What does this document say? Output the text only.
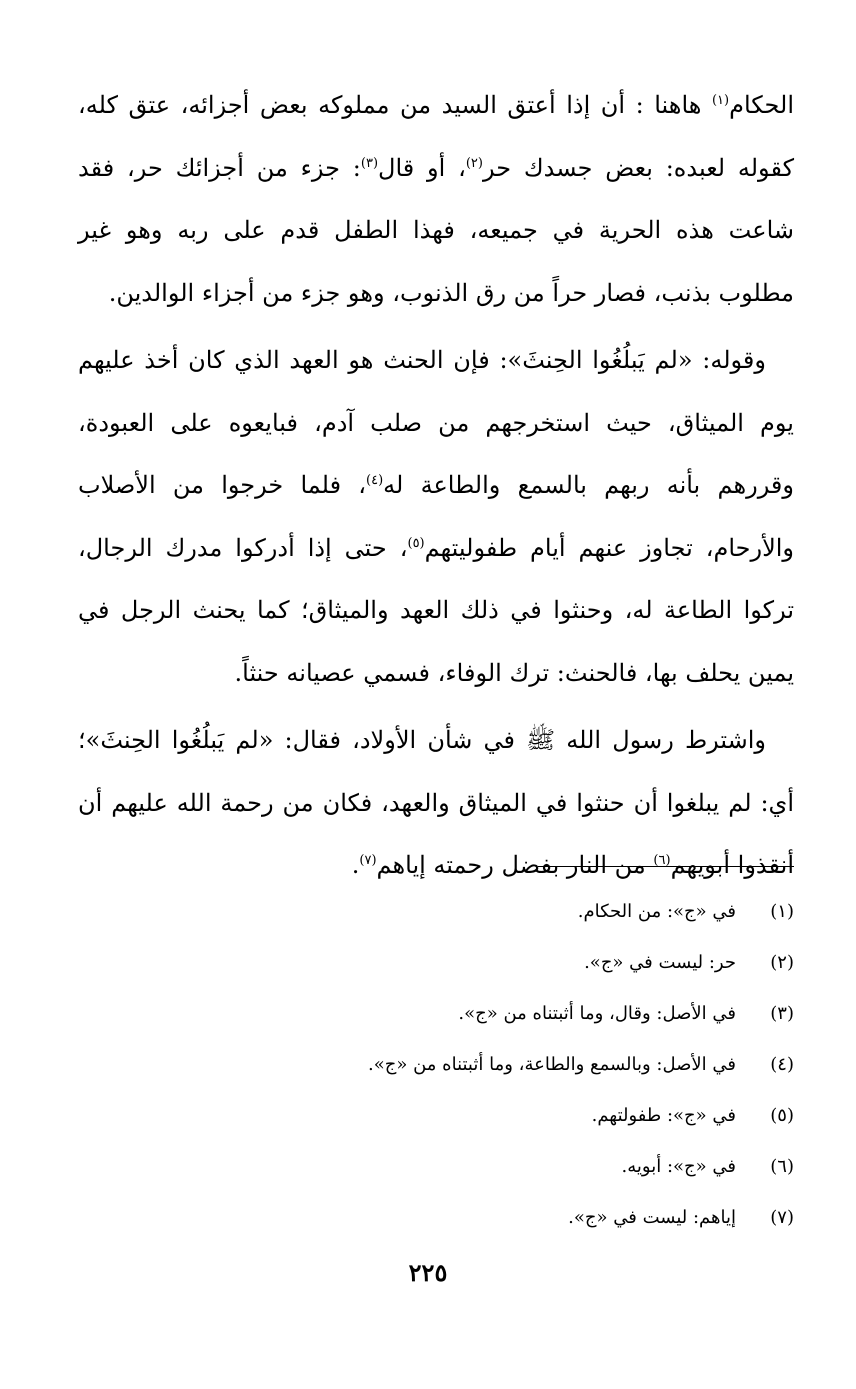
الحكام$^{(١)}$ هاهنا : أن إذا أعتق السيد من مملوكه بعض أجزائه، عتق كله، كقوله لعبده: بعض جسدك حر$^{(٢)}$، أو قال$^{(٣)}$: جزء من أجزائك حر، فقد شاعت هذه الحرية في جميعه، فهذا الطفل قدم على ربه وهو غير مطلوب بذنب، فصار حراً من رق الذنوب، وهو جزء من أجزاء الوالدين.

وقوله: «لم يَبلُغُوا الحِنثَ»: فإن الحنث هو العهد الذي كان أخذ عليهم يوم الميثاق، حيث استخرجهم من صلب آدم، فبايعوه على العبودة، وقررهم بأنه ربهم بالسمع والطاعة له$^{(٤)}$، فلما خرجوا من الأصلاب والأرحام، تجاوز عنهم أيام طفوليتهم$^{(٥)}$، حتى إذا أدركوا مدرك الرجال، تركوا الطاعة له، وحنثوا في ذلك العهد والميثاق؛ كما يحنث الرجل في يمين يحلف بها، فالحنث: ترك الوفاء، فسمي عصيانه حنثاً.

واشترط رسول الله ﷺ في شأن الأولاد، فقال: «لم يَبلُغُوا الحِنثَ»؛ أي: لم يبلغوا أن حنثوا في الميثاق والعهد، فكان من رحمة الله عليهم أن أنقذوا أبويهم$^{(٦)}$ من النار بفضل رحمته إياهم$^{(٧)}$.

(١)في «ج»: من الحكام.
(٢)حر: ليست في «ج».
(٣)في الأصل: وقال، وما أثبتناه من «ج».
(٤)في الأصل: وبالسمع والطاعة، وما أثبتناه من «ج».
(٥)في «ج»: طفولتهم.
(٦)في «ج»: أبويه.
(٧)إياهم: ليست في «ج».
٢٢٥
